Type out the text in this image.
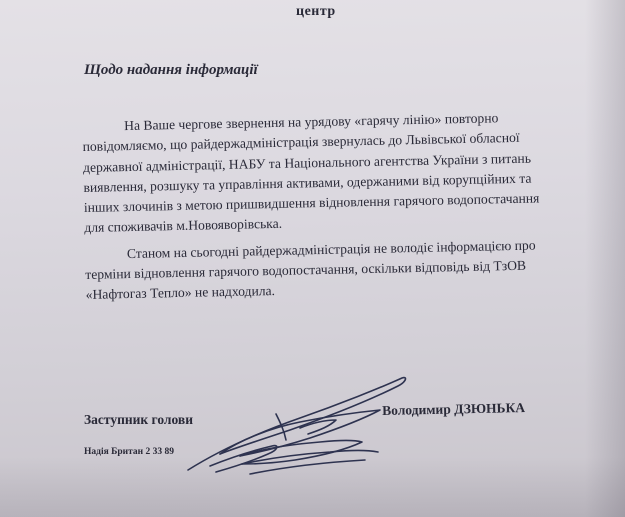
центр
Щодо надання інформації
На Ваше чергове звернення на урядову «гарячу лінію» повторно
повідомляємо, що райдержадміністрація звернулась до Львівської обласної
державної адміністрації, НАБУ та Національного агентства України з питань
виявлення, розшуку та управління активами, одержаними від корупційних та
інших злочинів з метою пришвидшення відновлення гарячого водопостачання
для споживачів м.Новояворівська.
Станом на сьогодні райдержадміністрація не володіє інформацією про
терміни відновлення гарячого водопостачання, оскільки відповідь від ТзОВ
«Нафтогаз Тепло» не надходила.
Заступник голови
Володимир ДЗЮНЬКА
Надія Британ 2 33 89
